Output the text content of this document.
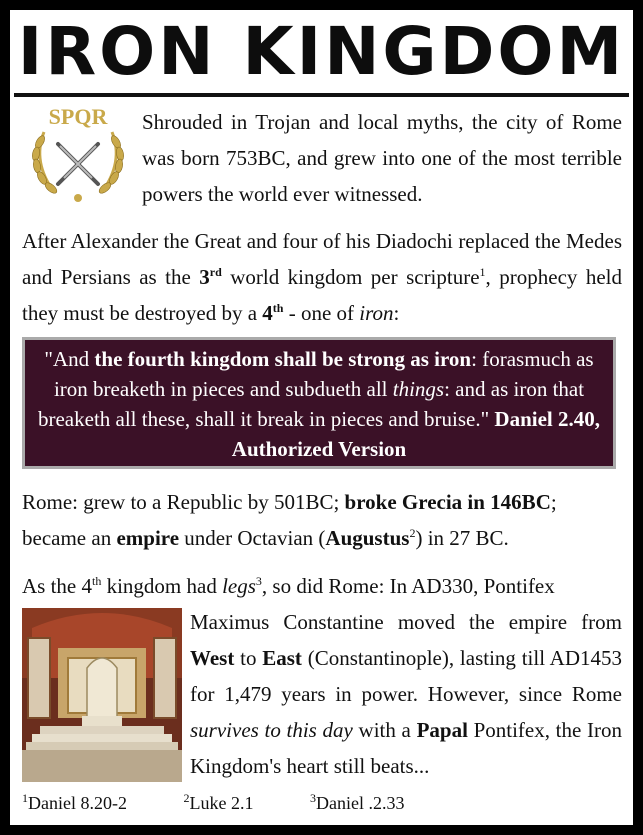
IRON KINGDOM
SPQR Shrouded in Trojan and local myths, the city of Rome was born 753BC, and grew into one of the most terrible powers the world ever witnessed.
After Alexander the Great and four of his Diadochi replaced the Medes and Persians as the 3rd world kingdom per scripture$^1$, prophecy held they must be destroyed by a 4th - one of iron:
"And the fourth kingdom shall be strong as iron: forasmuch as iron breaketh in pieces and subdueth all things: and as iron that breaketh all these, shall it break in pieces and bruise." Daniel 2.40, Authorized Version
Rome: grew to a Republic by 501BC; broke Grecia in 146BC; became an empire under Octavian (Augustus$^2$) in 27 BC.
As the 4th kingdom had legs$^3$, so did Rome: In AD330, Pontifex
Maximus Constantine moved the empire from West to East (Constantinople), lasting till AD1453 for 1,479 years in power. However, since Rome survives to this day with a Papal Pontifex, the Iron Kingdom's heart still beats...
$^1$Daniel 8.20-2	$^2$Luke 2.1	$^3$Daniel .2.33
